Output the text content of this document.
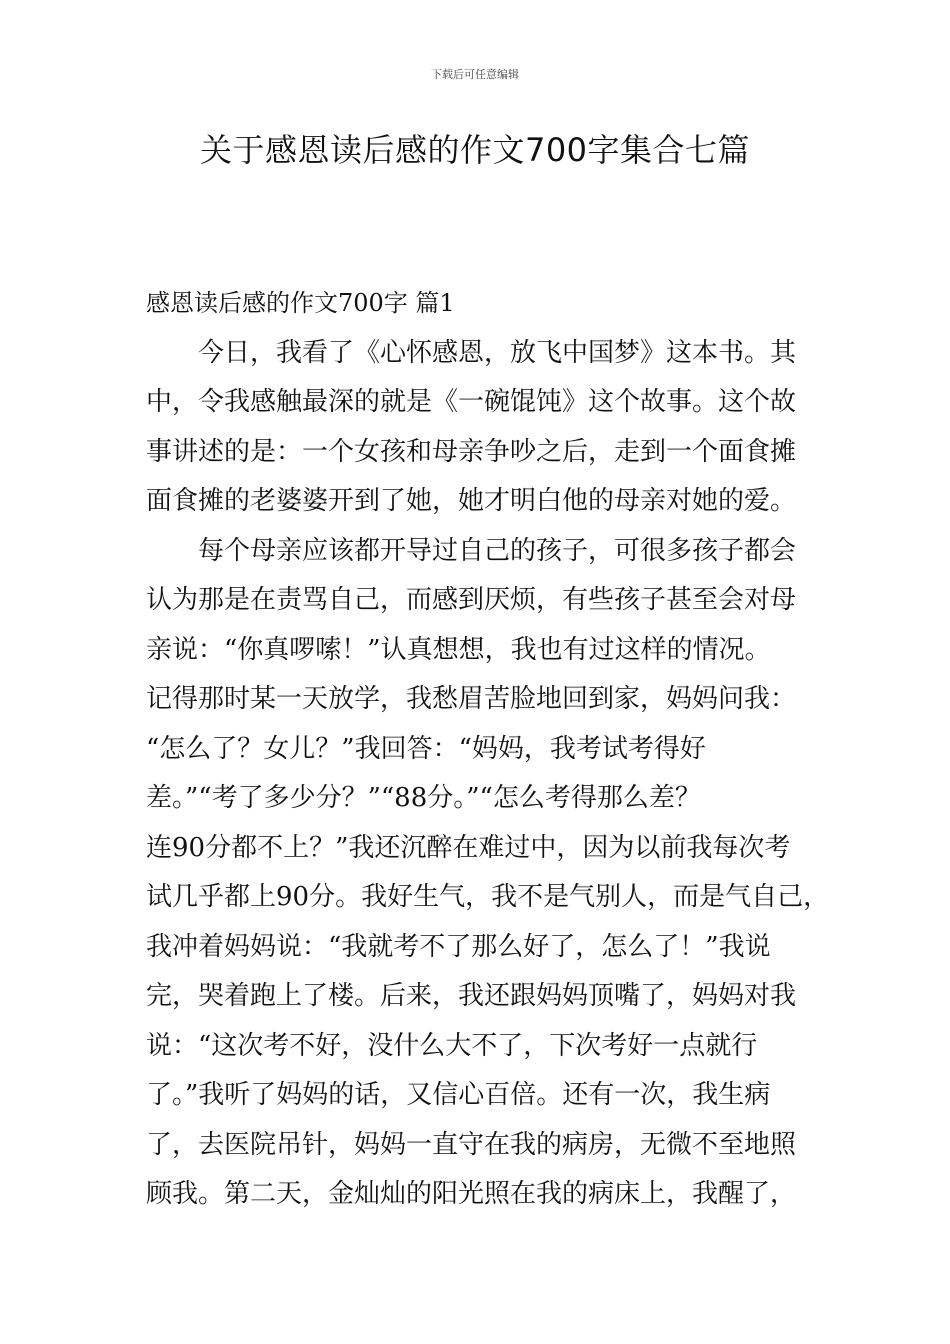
下载后可任意编辑
关于感恩读后感的作文700字集合七篇
感恩读后感的作文700字 篇1
　　今日，我看了《心怀感恩，放飞中国梦》这本书。其
中，令我感触最深的就是《一碗馄饨》这个故事。这个故
事讲述的是：一个女孩和母亲争吵之后，走到一个面食摊
面食摊的老婆婆开到了她，她才明白他的母亲对她的爱。
　　每个母亲应该都开导过自己的孩子，可很多孩子都会
认为那是在责骂自己，而感到厌烦，有些孩子甚至会对母
亲说：“你真啰嗦！”认真想想，我也有过这样的情况。
记得那时某一天放学，我愁眉苦脸地回到家，妈妈问我：
“怎么了？女儿？”我回答：“妈妈，我考试考得好
差。”“考了多少分？”“88分。”“怎么考得那么差？
连90分都不上？”我还沉醉在难过中，因为以前我每次考
试几乎都上90分。我好生气，我不是气别人，而是气自己，
我冲着妈妈说：“我就考不了那么好了，怎么了！”我说
完，哭着跑上了楼。后来，我还跟妈妈顶嘴了，妈妈对我
说：“这次考不好，没什么大不了，下次考好一点就行
了。”我听了妈妈的话，又信心百倍。还有一次，我生病
了，去医院吊针，妈妈一直守在我的病房，无微不至地照
顾我。第二天，金灿灿的阳光照在我的病床上，我醒了，
